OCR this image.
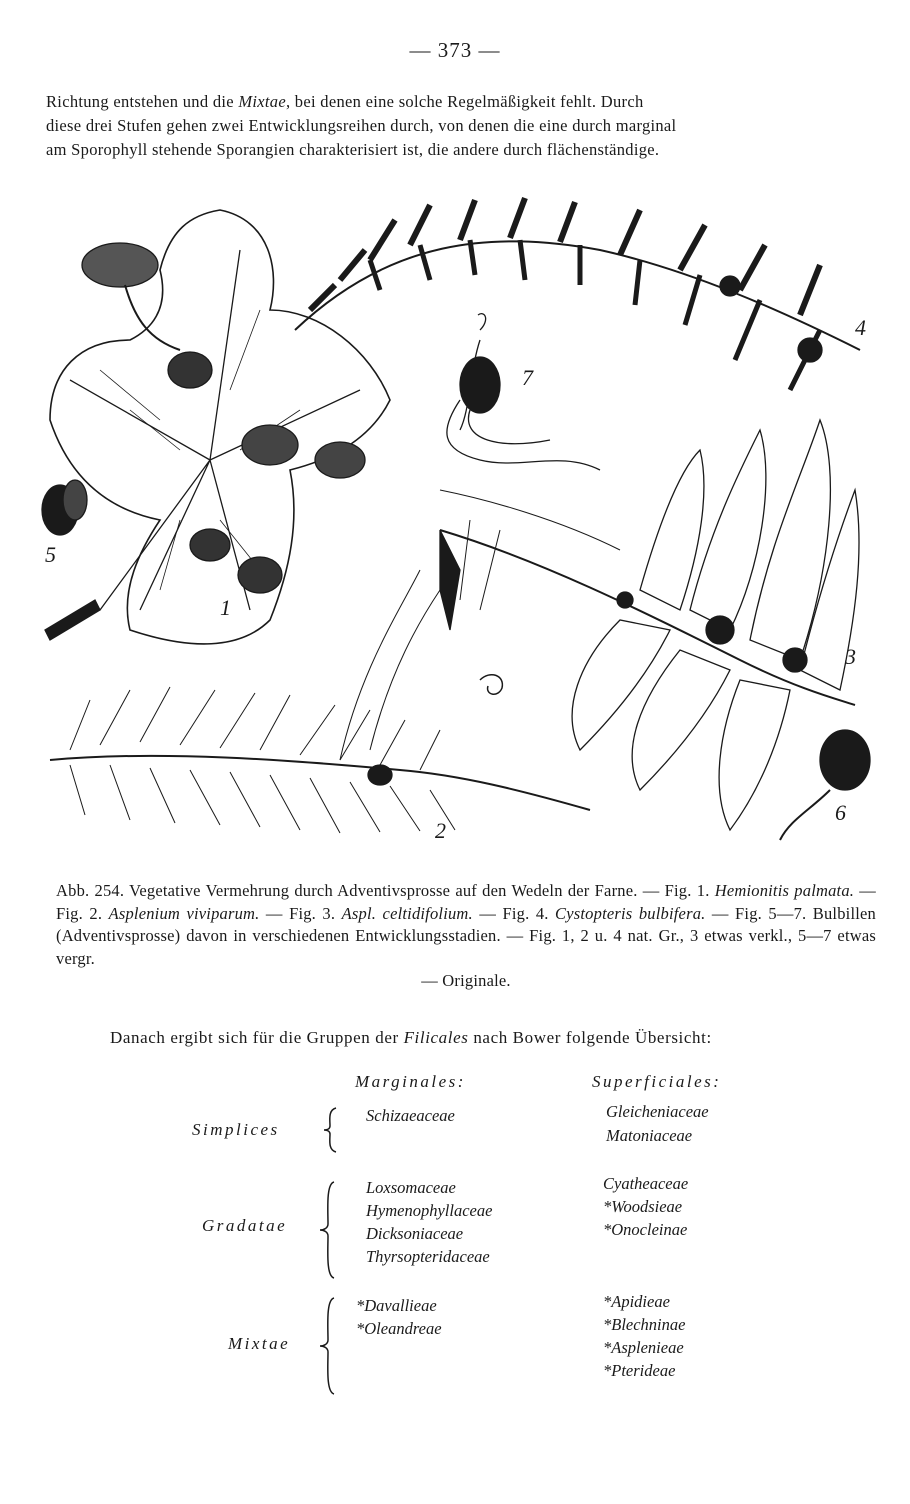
— 373 —
Richtung entstehen und die Mixtae, bei denen eine solche Regelmäßigkeit fehlt. Durch
diese drei Stufen gehen zwei Entwicklungsreihen durch, von denen die eine durch marginal
am Sporophyll stehende Sporangien charakterisiert ist, die andere durch flächenständige.
1
2
3
4
5
6
7
Abb. 254. Vegetative Vermehrung durch Adventivsprosse auf den Wedeln der Farne. — Fig. 1. Hemionitis palmata. — Fig. 2. Asplenium viviparum. — Fig. 3. Aspl. celtidifolium. — Fig. 4. Cystopteris bulbifera. — Fig. 5—7. Bulbillen (Adventivsprosse) davon in verschiedenen Entwicklungsstadien. — Fig. 1, 2 u. 4 nat. Gr., 3 etwas verkl., 5—7 etwas vergr.
— Originale.
Danach ergibt sich für die Gruppen der Filicales nach Bower folgende Übersicht:
Marginales:	Superficiales:
Simplices
Schizaeaceae	Gleicheniaceae
Matoniaceae
Gradatae
Loxsomaceae
Hymenophyllaceae
Dicksoniaceae
Thyrsopteridaceae
Cyatheaceae
*Woodsieae
*Onocleinae
Mixtae
*Davallieae
*Oleandreae
*Apidieae
*Blechninae
*Asplenieae
*Pterideae
